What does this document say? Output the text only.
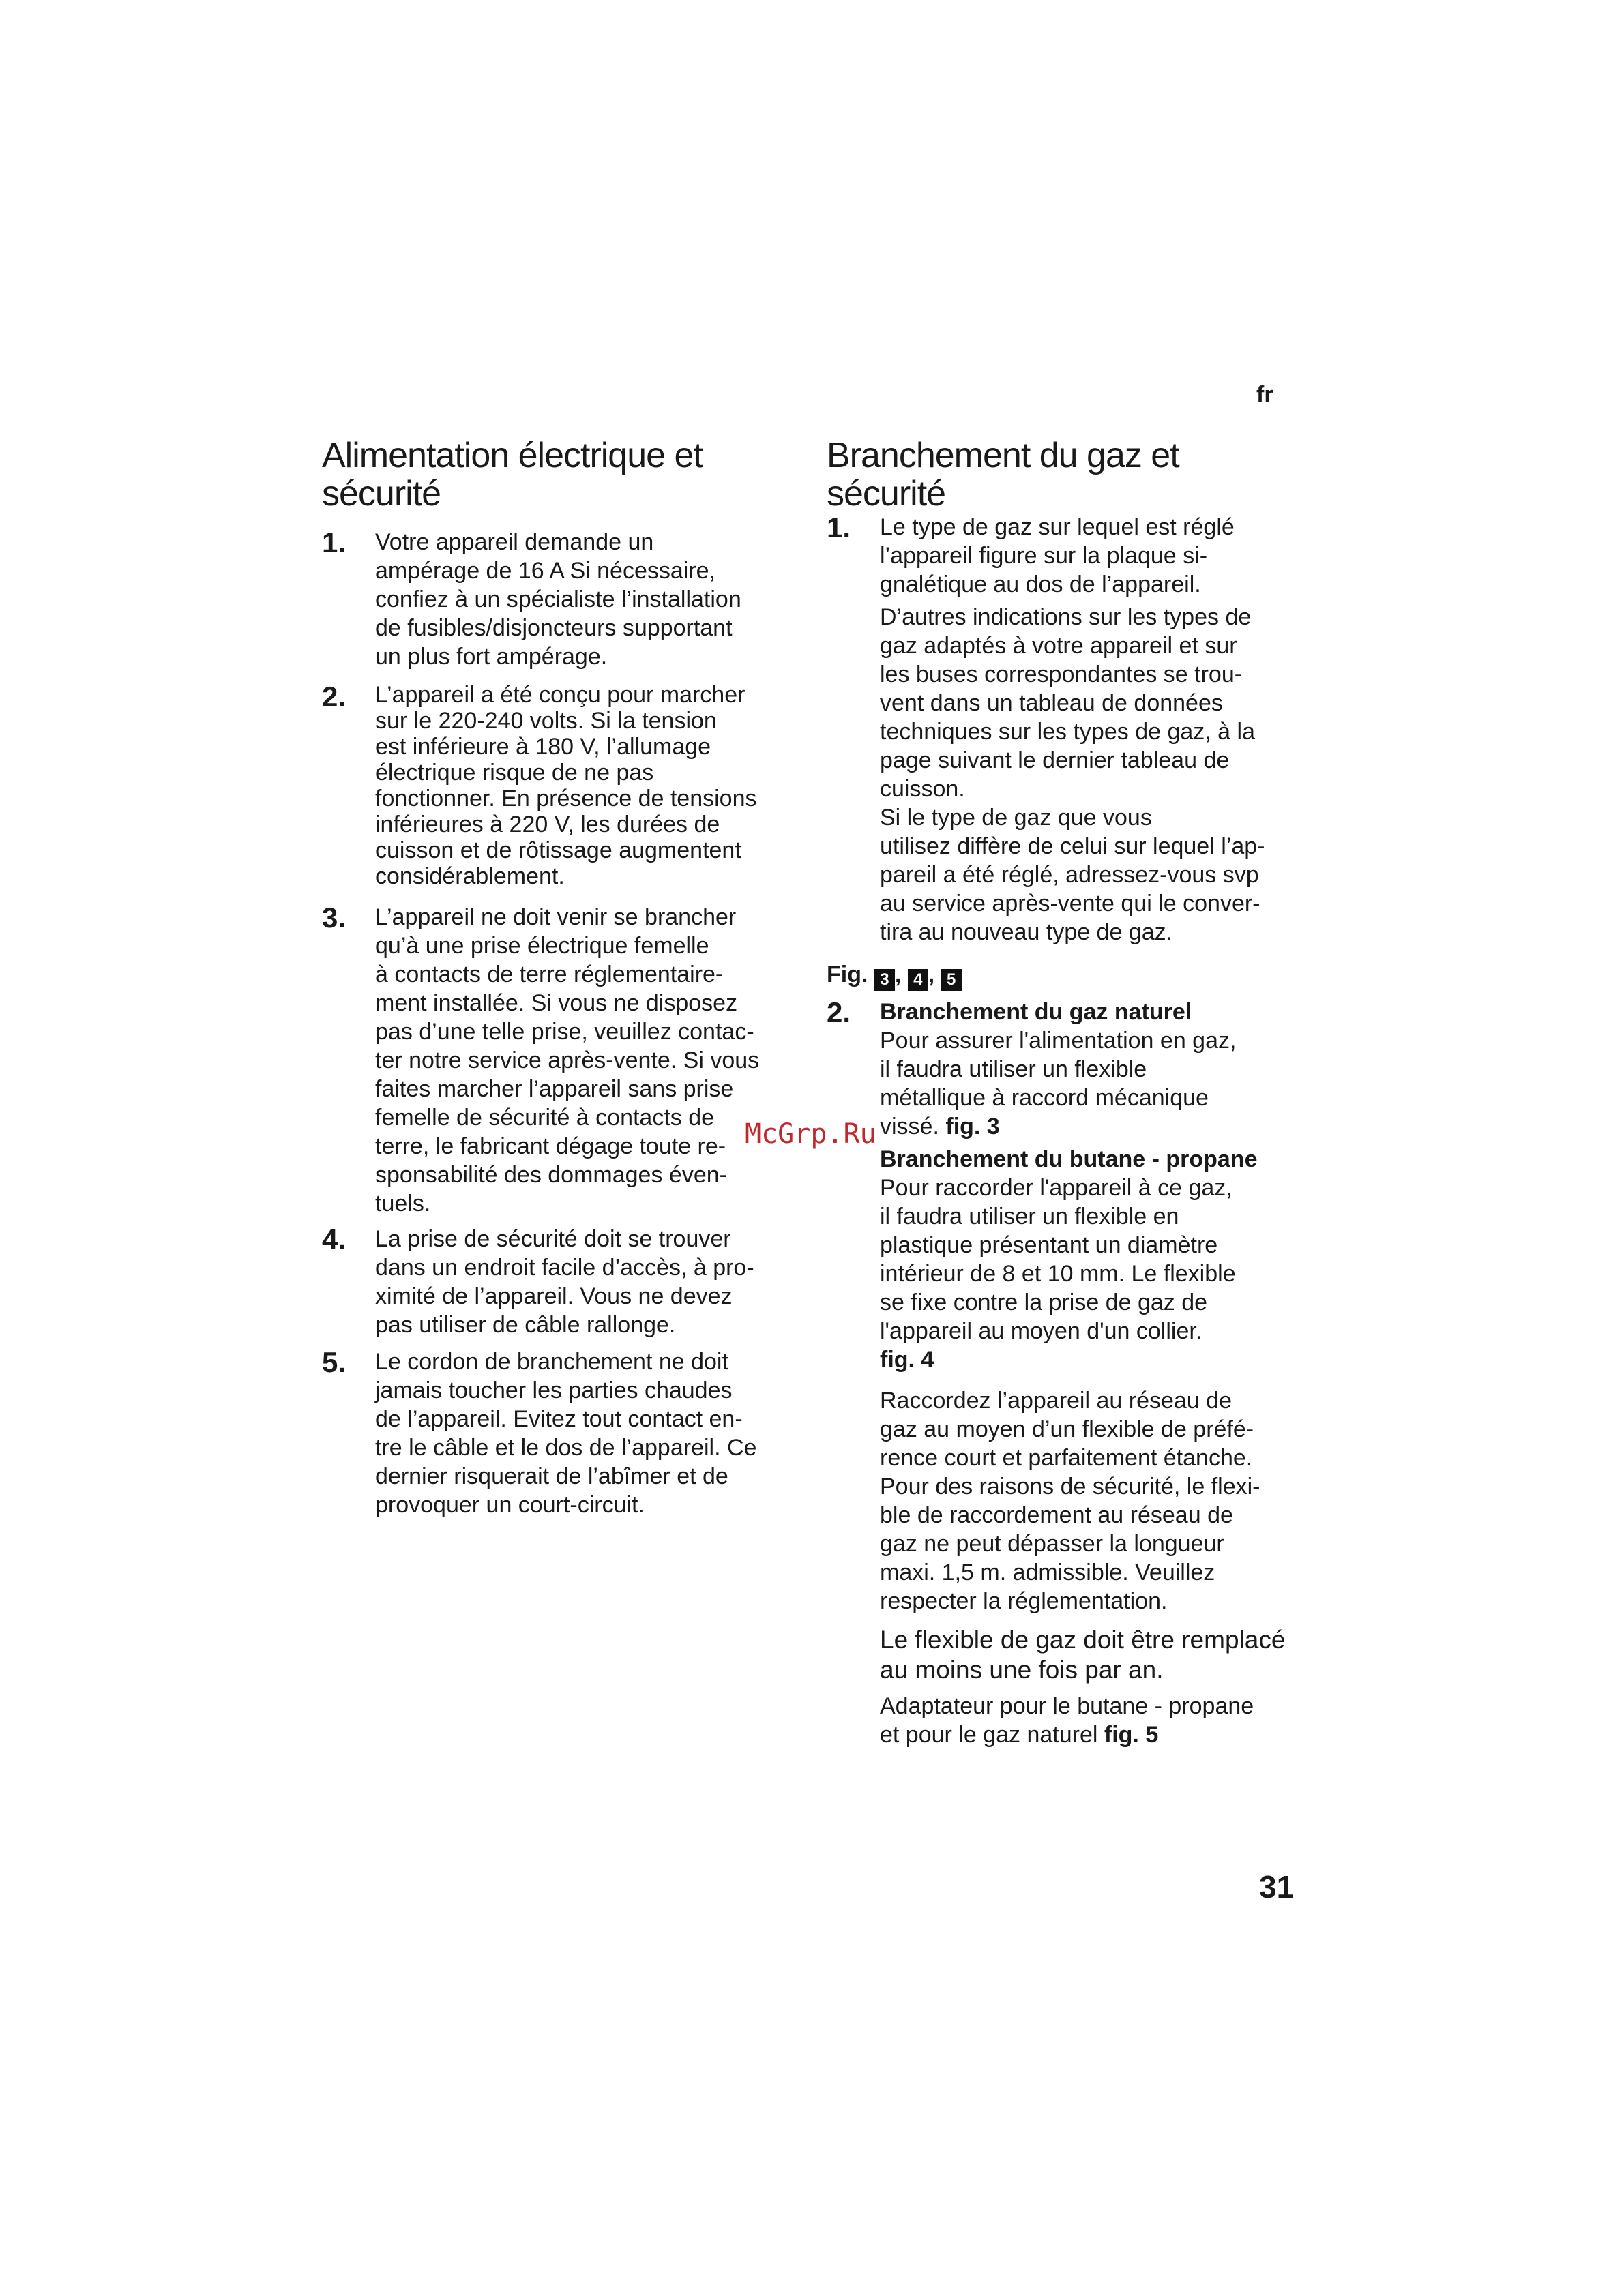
fr
Alimentation électrique et
sécurité
1. Votre appareil demande un
ampérage de 16 A Si nécessaire,
confiez à un spécialiste l’installation
de fusibles/disjoncteurs supportant
un plus fort ampérage.
2. L’appareil a été conçu pour marcher
sur le 220-240 volts. Si la tension
est inférieure à 180 V, l’allumage
électrique risque de ne pas
fonctionner. En présence de tensions
inférieures à 220 V, les durées de
cuisson et de rôtissage augmentent
considérablement.
3. L’appareil ne doit venir se brancher
qu’à une prise électrique femelle
à contacts de terre réglementaire-
ment installée. Si vous ne disposez
pas d’une telle prise, veuillez contac-
ter notre service après-vente. Si vous
faites marcher l’appareil sans prise
femelle de sécurité à contacts de
terre, le fabricant dégage toute re-
sponsabilité des dommages éven-
tuels.
4. La prise de sécurité doit se trouver
dans un endroit facile d’accès, à pro-
ximité de l’appareil. Vous ne devez
pas utiliser de câble rallonge.
5. Le cordon de branchement ne doit
jamais toucher les parties chaudes
de l’appareil. Evitez tout contact en-
tre le câble et le dos de l’appareil. Ce
dernier risquerait de l’abîmer et de
provoquer un court-circuit.
Branchement du gaz et
sécurité
1. Le type de gaz sur lequel est réglé
l’appareil figure sur la plaque si-
gnalétique au dos de l’appareil.
D’autres indications sur les types de
gaz adaptés à votre appareil et sur
les buses correspondantes se trou-
vent dans un tableau de données
techniques sur les types de gaz, à la
page suivant le dernier tableau de
cuisson.
Si le type de gaz que vous
utilisez diffère de celui sur lequel l’ap-
pareil a été réglé, adressez-vous svp
au service après-vente qui le conver-
tira au nouveau type de gaz.
Fig. 3 , 4 , 5
2. Branchement du gaz naturel
Pour assurer l'alimentation en gaz,
il faudra utiliser un flexible
métallique à raccord mécanique
vissé. fig. 3
Branchement du butane - propane
Pour raccorder l'appareil à ce gaz,
il faudra utiliser un flexible en
plastique présentant un diamètre
intérieur de 8 et 10 mm. Le flexible
se fixe contre la prise de gaz de
l'appareil au moyen d'un collier.
fig. 4
Raccordez l’appareil au réseau de
gaz au moyen d’un flexible de préfé-
rence court et parfaitement étanche.
Pour des raisons de sécurité, le flexi-
ble de raccordement au réseau de
gaz ne peut dépasser la longueur
maxi. 1,5 m. admissible. Veuillez
respecter la réglementation.
Le flexible de gaz doit être remplacé
au moins une fois par an.
Adaptateur pour le butane - propane
et pour le gaz naturel fig. 5
McGrp.Ru
31
